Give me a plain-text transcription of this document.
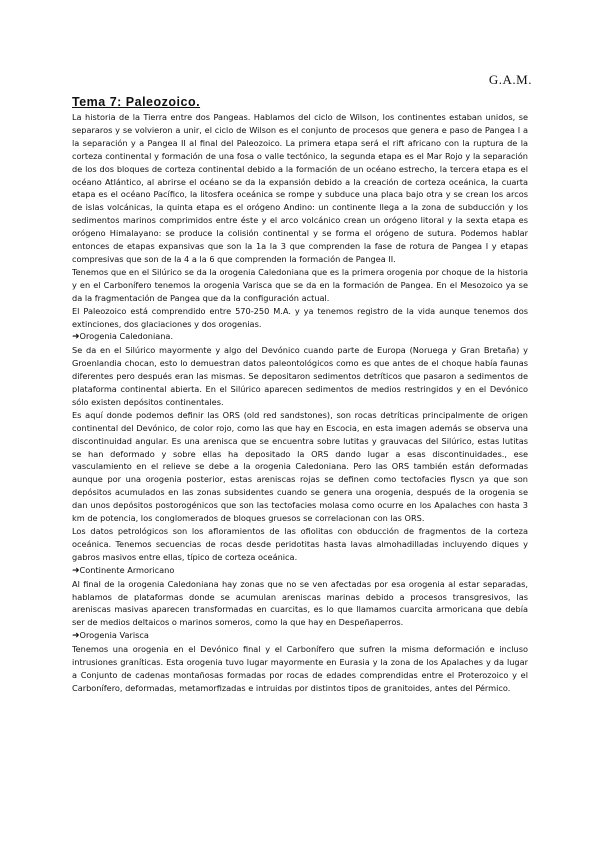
G.A.M.
Tema 7: Paleozoico.

La historia de la Tierra entre dos Pangeas. Hablamos del ciclo de Wilson, los continentes estaban unidos, se separaros y se volvieron a unir, el ciclo de Wilson es el conjunto de procesos que genera e paso de Pangea I a la separación y a Pangea II al final del Paleozoico. La primera etapa será el rift africano con la ruptura de la corteza continental y formación de una fosa o valle tectónico, la segunda etapa es el Mar Rojo y la separación de los dos bloques de corteza continental debido a la formación de un océano estrecho, la tercera etapa es el océano Atlántico, al abrirse el océano se da la expansión debido a la creación de corteza oceánica, la cuarta etapa es el océano Pacífico, la litosfera oceánica se rompe y subduce una placa bajo otra y se crean los arcos de islas volcánicas, la quinta etapa es el orógeno Andino: un continente llega a la zona de subducción y los sedimentos marinos comprimidos entre éste y el arco volcánico crean un orógeno litoral y la sexta etapa es orógeno Himalayano: se produce la colisión continental y se forma el orógeno de sutura. Podemos hablar entonces de etapas expansivas que son la 1a la 3 que comprenden la fase de rotura de Pangea I y etapas compresivas que son de la 4 a la 6 que comprenden la formación de Pangea II.

Tenemos que en el Silúrico se da la orogenia Caledoniana que es la primera orogenia por choque de la historia y en el Carbonífero tenemos la orogenia Varisca que se da en la formación de Pangea. En el Mesozoico ya se da la fragmentación de Pangea que da la configuración actual.

El Paleozoico está comprendido entre 570-250 M.A. y ya tenemos registro de la vida aunque tenemos dos extinciones, dos glaciaciones y dos orogenias.

➜Orogenia Caledoniana.

Se da en el Silúrico mayormente y algo del Devónico cuando parte de Europa (Noruega y Gran Bretaña) y Groenlandia chocan, esto lo demuestran datos paleontológicos como es que antes de el choque había faunas diferentes pero después eran las mismas. Se depositaron sedimentos detríticos que pasaron a sedimentos de plataforma continental abierta. En el Silúrico aparecen sedimentos de medios restringidos y en el Devónico sólo existen depósitos continentales.

Es aquí donde podemos definir las ORS (old red sandstones), son rocas detríticas principalmente de origen continental del Devónico, de color rojo, como las que hay en Escocia, en esta imagen además se observa una discontinuidad angular. Es una arenisca que se encuentra sobre lutitas y grauvacas del Silúrico, estas lutitas se han deformado y sobre ellas ha depositado la ORS dando lugar a esas discontinuidades., ese vasculamiento en el relieve se debe a la orogenia Caledoniana. Pero las ORS también están deformadas aunque por una orogenia posterior, estas areniscas rojas se definen como tectofacies flyscn ya que son depósitos acumulados en las zonas subsidentes cuando se genera una orogenia, después de la orogenia se dan unos depósitos postorogénicos que son las tectofacies molasa como ocurre en los Apalaches con hasta 3 km de potencia, los conglomerados de bloques gruesos se correlacionan con las ORS.

Los datos petrológicos son los afloramientos de las ofiolitas con obducción de fragmentos de la corteza oceánica. Tenemos secuencias de rocas desde peridotitas hasta lavas almohadilladas incluyendo diques y gabros masivos entre ellas, típico de corteza oceánica.

➜Continente Armoricano

Al final de la orogenia Caledoniana hay zonas que no se ven afectadas por esa orogenia al estar separadas, hablamos de plataformas donde se acumulan areniscas marinas debido a procesos transgresivos, las areniscas masivas aparecen transformadas en cuarcitas, es lo que llamamos cuarcita armoricana que debía ser de medios deltaicos o marinos someros, como la que hay en Despeñaperros.

➜Orogenia Varisca

Tenemos una orogenia en el Devónico final y el Carbonífero que sufren la misma deformación e incluso intrusiones graníticas. Esta orogenia tuvo lugar mayormente en Eurasia y la zona de los Apalaches y da lugar a Conjunto de cadenas montañosas formadas por rocas de edades comprendidas entre el Proterozoico y el Carbonífero, deformadas, metamorfizadas e intruidas por distintos tipos de granitoides, antes del Pérmico.
